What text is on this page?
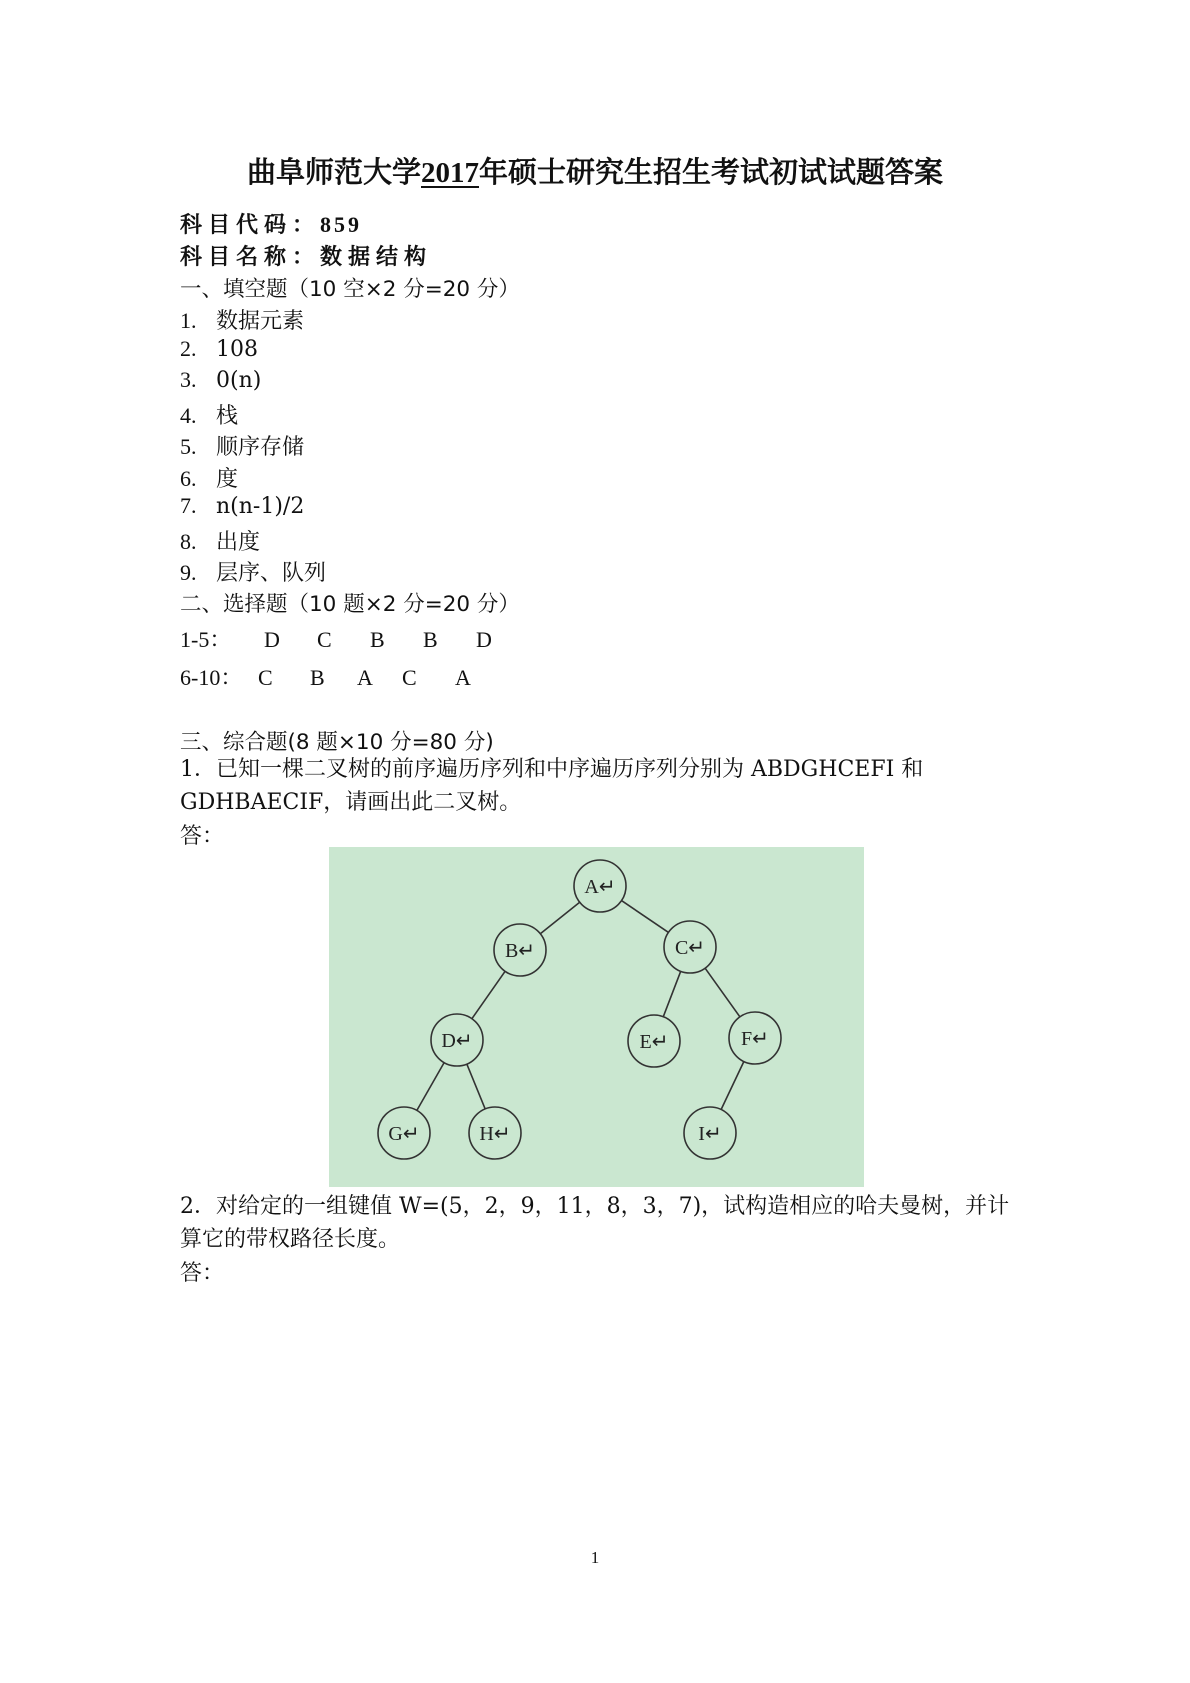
曲阜师范大学2017年硕士研究生招生考试初试试题答案
科目代码：859
科目名称：数据结构
一、填空题（10 空×2 分=20 分）
1. 数据元素
2. 108
3. 0(n)
4. 栈
5. 顺序存储
6. 度
7. n(n-1)/2
8. 出度
9. 层序、队列
二、选择题（10 题×2 分=20 分）
1-5： D C B B D
6-10： C B A C A
三、综合题(8 题×10 分=80 分)
1．已知一棵二叉树的前序遍历序列和中序遍历序列分别为 ABDGHCEFI 和 GDHBAECIF，请画出此二叉树。
答：
A↵
B↵	C↵
D↵	E↵	F↵
G↵	H↵	I↵
2．对给定的一组键值 W=(5，2，9，11，8，3，7)，试构造相应的哈夫曼树，并计算它的带权路径长度。
答：
1
